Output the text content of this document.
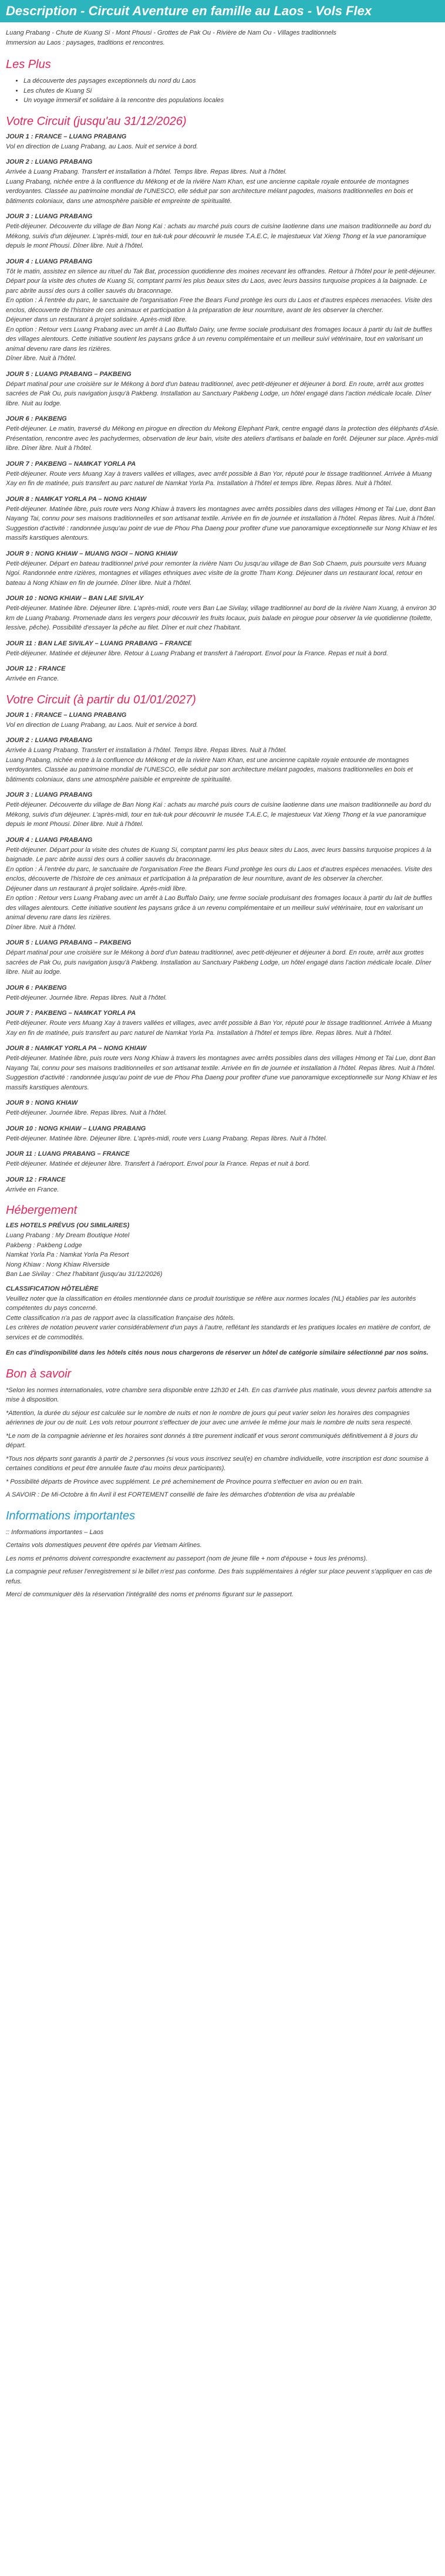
Description - Circuit Aventure en famille au Laos - Vols Flex

Luang Prabang - Chute de Kuang Si - Mont Phousi - Grottes de Pak Ou - Rivière de Nam Ou - Villages traditionnels
Immersion au Laos : paysages, traditions et rencontres.

Les Plus
• La découverte des paysages exceptionnels du nord du Laos
• Les chutes de Kuang Si
• Un voyage immersif et solidaire à la rencontre des populations locales
Votre Circuit (jusqu'au 31/12/2026)
JOUR 1 : FRANCE – LUANG PRABANG

Vol en direction de Luang Prabang, au Laos. Nuit et service à bord.

JOUR 2 : LUANG PRABANG

Arrivée à Luang Prabang. Transfert et installation à l'hôtel. Temps libre. Repas libres. Nuit à l'hôtel.
Luang Prabang, nichée entre à la confluence du Mékong et de la rivière Nam Khan, est une ancienne capitale royale entourée de montagnes verdoyantes. Classée au patrimoine mondial de l'UNESCO, elle séduit par son architecture mélant pagodes, maisons traditionnelles en bois et bâtiments coloniaux, dans une atmosphère paisible et empreinte de spiritualité.

JOUR 3 : LUANG PRABANG

Petit-déjeuner. Découverte du village de Ban Nong Kai : achats au marché puis cours de cuisine laotienne dans une maison traditionnelle au bord du Mékong, suivis d'un déjeuner. L'après-midi, tour en tuk-tuk pour découvrir le musée T.A.E.C, le majestueux Vat Xieng Thong et la vue panoramique depuis le mont Phousi. Dîner libre. Nuit à l'hôtel.

JOUR 4 : LUANG PRABANG

Tôt le matin, assistez en silence au rituel du Tak Bat, procession quotidienne des moines recevant les offrandes. Retour à l'hôtel pour le petit-déjeuner. Départ pour la visite des chutes de Kuang Si, comptant parmi les plus beaux sites du Laos, avec leurs bassins turquoise propices à la baignade. Le parc abrite aussi des ours à collier sauvés du braconnage.
En option : À l'entrée du parc, le sanctuaire de l'organisation Free the Bears Fund protège les ours du Laos et d'autres espèces menacées. Visite des enclos, découverte de l'histoire de ces animaux et participation à la préparation de leur nourriture, avant de les observer la chercher.
Déjeuner dans un restaurant à projet solidaire. Après-midi libre.
En option : Retour vers Luang Prabang avec un arrêt à Lao Buffalo Dairy, une ferme sociale produisant des fromages locaux à partir du lait de buffles des villages alentours. Cette initiative soutient les paysans grâce à un revenu complémentaire et un meilleur suivi vétérinaire, tout en valorisant un animal devenu rare dans les rizières.
Dîner libre. Nuit à l'hôtel.

JOUR 5 : LUANG PRABANG – PAKBENG

Départ matinal pour une croisière sur le Mékong à bord d'un bateau traditionnel, avec petit-déjeuner et déjeuner à bord. En route, arrêt aux grottes sacrées de Pak Ou, puis navigation jusqu'à Pakbeng. Installation au Sanctuary Pakbeng Lodge, un hôtel engagé dans l'action médicale locale. Dîner libre. Nuit au lodge.

JOUR 6 : PAKBENG

Petit-déjeuner. Le matin, traversé du Mékong en pirogue en direction du Mekong Elephant Park, centre engagé dans la protection des éléphants d'Asie. Présentation, rencontre avec les pachydermes, observation de leur bain, visite des ateliers d'artisans et balade en forêt. Déjeuner sur place. Après-midi libre. Dîner libre. Nuit à l'hôtel.

JOUR 7 : PAKBENG – NAMKAT YORLA PA

Petit-déjeuner. Route vers Muang Xay à travers vallées et villages, avec arrêt possible à Ban Yor, réputé pour le tissage traditionnel. Arrivée à Muang Xay en fin de matinée, puis transfert au parc naturel de Namkat Yorla Pa. Installation à l'hôtel et temps libre. Repas libres. Nuit à l'hôtel.

JOUR 8 : NAMKAT YORLA PA – NONG KHIAW

Petit-déjeuner. Matinée libre, puis route vers Nong Khiaw à travers les montagnes avec arrêts possibles dans des villages Hmong et Tai Lue, dont Ban Nayang Tai, connu pour ses maisons traditionnelles et son artisanat textile. Arrivée en fin de journée et installation à l'hôtel. Repas libres. Nuit à l'hôtel.
Suggestion d'activité : randonnée jusqu'au point de vue de Phou Pha Daeng pour profiter d'une vue panoramique exceptionnelle sur Nong Khiaw et les massifs karstiques alentours.

JOUR 9 : NONG KHIAW – MUANG NGOI – NONG KHIAW

Petit-déjeuner. Départ en bateau traditionnel privé pour remonter la rivière Nam Ou jusqu'au village de Ban Sob Chaem, puis poursuite vers Muang Ngoi. Randonnée entre rizières, montagnes et villages ethniques avec visite de la grotte Tham Kong. Déjeuner dans un restaurant local, retour en bateau à Nong Khiaw en fin de journée. Dîner libre. Nuit à l'hôtel.

JOUR 10 : NONG KHIAW – BAN LAE SIVILAY

Petit-déjeuner. Matinée libre. Déjeuner libre. L'après-midi, route vers Ban Lae Sivilay, village traditionnel au bord de la rivière Nam Xuang, à environ 30 km de Luang Prabang. Promenade dans les vergers pour découvrir les fruits locaux, puis balade en pirogue pour observer la vie quotidienne (toilette, lessive, pêche). Possibilité d'essayer la pêche au filet. Dîner et nuit chez l'habitant.

JOUR 11 : BAN LAE SIVILAY – LUANG PRABANG – FRANCE

Petit-déjeuner. Matinée et déjeuner libre. Retour à Luang Prabang et transfert à l'aéroport. Envol pour la France. Repas et nuit à bord.

JOUR 12 : FRANCE

Arrivée en France.

Votre Circuit (à partir du 01/01/2027)
JOUR 1 : FRANCE – LUANG PRABANG

Vol en direction de Luang Prabang, au Laos. Nuit et service à bord.

JOUR 2 : LUANG PRABANG

Arrivée à Luang Prabang. Transfert et installation à l'hôtel. Temps libre. Repas libres. Nuit à l'hôtel.
Luang Prabang, nichée entre à la confluence du Mékong et de la rivière Nam Khan, est une ancienne capitale royale entourée de montagnes verdoyantes. Classée au patrimoine mondial de l'UNESCO, elle séduit par son architecture mélant pagodes, maisons traditionnelles en bois et bâtiments coloniaux, dans une atmosphère paisible et empreinte de spiritualité.

JOUR 3 : LUANG PRABANG

Petit-déjeuner. Découverte du village de Ban Nong Kai : achats au marché puis cours de cuisine laotienne dans une maison traditionnelle au bord du Mékong, suivis d'un déjeuner. L'après-midi, tour en tuk-tuk pour découvrir le musée T.A.E.C, le majestueux Vat Xieng Thong et la vue panoramique depuis le mont Phousi. Dîner libre. Nuit à l'hôtel.

JOUR 4 : LUANG PRABANG

Petit-déjeuner. Départ pour la visite des chutes de Kuang Si, comptant parmi les plus beaux sites du Laos, avec leurs bassins turquoise propices à la baignade. Le parc abrite aussi des ours à collier sauvés du braconnage.
En option : À l'entrée du parc, le sanctuaire de l'organisation Free the Bears Fund protège les ours du Laos et d'autres espèces menacées. Visite des enclos, découverte de l'histoire de ces animaux et participation à la préparation de leur nourriture, avant de les observer la chercher.
Déjeuner dans un restaurant à projet solidaire. Après-midi libre.
En option : Retour vers Luang Prabang avec un arrêt à Lao Buffalo Dairy, une ferme sociale produisant des fromages locaux à partir du lait de buffles des villages alentours. Cette initiative soutient les paysans grâce à un revenu complémentaire et un meilleur suivi vétérinaire, tout en valorisant un animal devenu rare dans les rizières.
Dîner libre. Nuit à l'hôtel.

JOUR 5 : LUANG PRABANG – PAKBENG

Départ matinal pour une croisière sur le Mékong à bord d'un bateau traditionnel, avec petit-déjeuner et déjeuner à bord. En route, arrêt aux grottes sacrées de Pak Ou, puis navigation jusqu'à Pakbeng. Installation au Sanctuary Pakbeng Lodge, un hôtel engagé dans l'action médicale locale. Dîner libre. Nuit au lodge.

JOUR 6 : PAKBENG

Petit-déjeuner. Journée libre. Repas libres. Nuit à l'hôtel.

JOUR 7 : PAKBENG – NAMKAT YORLA PA

Petit-déjeuner. Route vers Muang Xay à travers vallées et villages, avec arrêt possible à Ban Yor, réputé pour le tissage traditionnel. Arrivée à Muang Xay en fin de matinée, puis transfert au parc naturel de Namkat Yorla Pa. Installation à l'hôtel et temps libre. Repas libres. Nuit à l'hôtel.

JOUR 8 : NAMKAT YORLA PA – NONG KHIAW

Petit-déjeuner. Matinée libre, puis route vers Nong Khiaw à travers les montagnes avec arrêts possibles dans des villages Hmong et Tai Lue, dont Ban Nayang Tai, connu pour ses maisons traditionnelles et son artisanat textile. Arrivée en fin de journée et installation à l'hôtel. Repas libres. Nuit à l'hôtel.
Suggestion d'activité : randonnée jusqu'au point de vue de Phou Pha Daeng pour profiter d'une vue panoramique exceptionnelle sur Nong Khiaw et les massifs karstiques alentours.

JOUR 9 : NONG KHIAW

Petit-déjeuner. Journée libre. Repas libres. Nuit à l'hôtel.

JOUR 10 : NONG KHIAW – LUANG PRABANG

Petit-déjeuner. Matinée libre. Déjeuner libre. L'après-midi, route vers Luang Prabang. Repas libres. Nuit à l'hôtel.

JOUR 11 : LUANG PRABANG – FRANCE

Petit-déjeuner. Matinée et déjeuner libre. Transfert à l'aéroport. Envol pour la France. Repas et nuit à bord.

JOUR 12 : FRANCE

Arrivée en France.

Hébergement
LES HOTELS PRÉVUS (OU SIMILAIRES)
Luang Prabang : My Dream Boutique Hotel
Pakbeng : Pakbeng Lodge
Namkat Yorla Pa : Namkat Yorla Pa Resort
Nong Khiaw : Nong Khiaw Riverside
Ban Lae Sivilay : Chez l'habitant (jusqu'au 31/12/2026)
CLASSIFICATION HÔTELIÈRE
Veuillez noter que la classification en étoiles mentionnée dans ce produit touristique se réfère aux normes locales (NL) établies par les autorités compétentes du pays concerné.
Cette classification n'a pas de rapport avec la classification française des hôtels.
Les critères de notation peuvent varier considérablement d'un pays à l'autre, reflétant les standards et les pratiques locales en matière de confort, de services et de commodités.
En cas d'indisponibilité dans les hôtels cités nous nous chargerons de réserver un hôtel de catégorie similaire sélectionné par nos soins.
Bon à savoir
*Selon les normes internationales, votre chambre sera disponible entre 12h30 et 14h. En cas d'arrivée plus matinale, vous devrez parfois attendre sa mise à disposition.
*Attention, la durée du séjour est calculée sur le nombre de nuits et non le nombre de jours qui peut varier selon les horaires des compagnies aériennes de jour ou de nuit. Les vols retour pourront s'effectuer de jour avec une arrivée le même jour mais le nombre de nuits sera respecté.
*Le nom de la compagnie aérienne et les horaires sont donnés à titre purement indicatif et vous seront communiqués définitivement à 8 jours du départ.
*Tous nos départs sont garantis à partir de 2 personnes (si vous vous inscrivez seul(e) en chambre individuelle, votre inscription est donc soumise à certaines conditions et peut être annulée faute d'au moins deux participants).
* Possibilité départs de Province avec supplément. Le pré acheminement de Province pourra s'effectuer en avion ou en train.
A SAVOIR : De Mi-Octobre à fin Avril il est FORTEMENT conseillé de faire les démarches d'obtention de visa au préalable
Informations importantes
:: Informations importantes – Laos
Certains vols domestiques peuvent être opérés par Vietnam Airlines.
Les noms et prénoms doivent correspondre exactement au passeport (nom de jeune fille + nom d'épouse + tous les prénoms).
La compagnie peut refuser l'enregistrement si le billet n'est pas conforme. Des frais supplémentaires à régler sur place peuvent s'appliquer en cas de refus.
Merci de communiquer dès la réservation l'intégralité des noms et prénoms figurant sur le passeport.
